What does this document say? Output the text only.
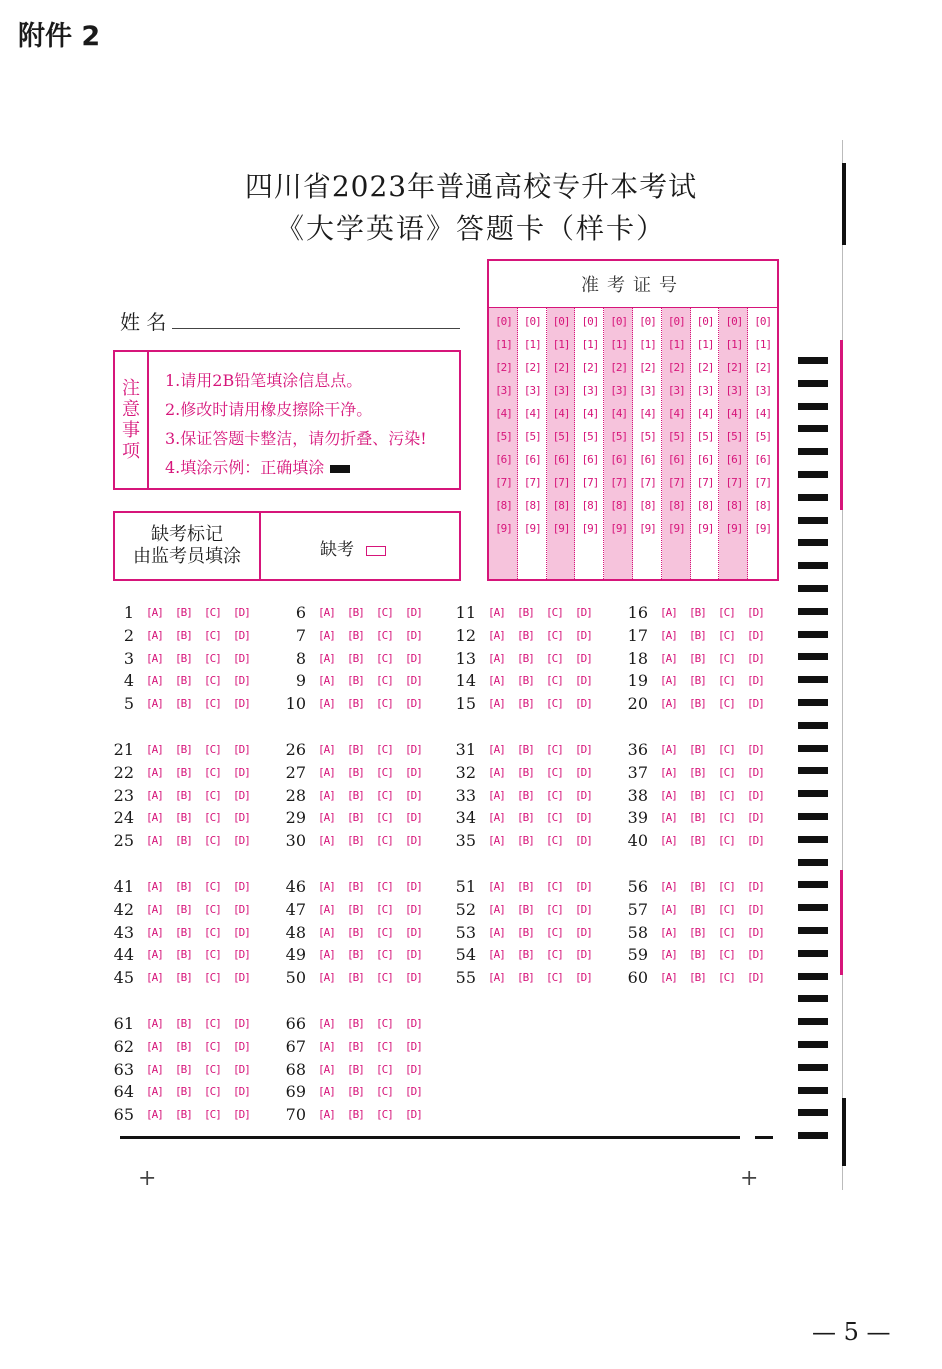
附件 2
四川省2023年普通高校专升本考试
《大学英语》答题卡（样卡）
姓 名
注意事项
1.请用2B铅笔填涂信息点。
2.修改时请用橡皮擦除干净。
3.保证答题卡整洁，请勿折叠、污染!
4.填涂示例：正确填涂
缺考标记
由监考员填涂	缺考
准考证号
[0]
[1]
[2]
[3]
[4]
[5]
[6]
[7]
[8]
[9]
[0]
[1]
[2]
[3]
[4]
[5]
[6]
[7]
[8]
[9]
[0]
[1]
[2]
[3]
[4]
[5]
[6]
[7]
[8]
[9]
[0]
[1]
[2]
[3]
[4]
[5]
[6]
[7]
[8]
[9]
[0]
[1]
[2]
[3]
[4]
[5]
[6]
[7]
[8]
[9]
[0]
[1]
[2]
[3]
[4]
[5]
[6]
[7]
[8]
[9]
[0]
[1]
[2]
[3]
[4]
[5]
[6]
[7]
[8]
[9]
[0]
[1]
[2]
[3]
[4]
[5]
[6]
[7]
[8]
[9]
[0]
[1]
[2]
[3]
[4]
[5]
[6]
[7]
[8]
[9]
[0]
[1]
[2]
[3]
[4]
[5]
[6]
[7]
[8]
[9]
1 [A] [B] [C] [D]
2 [A] [B] [C] [D]
3 [A] [B] [C] [D]
4 [A] [B] [C] [D]
5 [A] [B] [C] [D]
6 [A] [B] [C] [D]
7 [A] [B] [C] [D]
8 [A] [B] [C] [D]
9 [A] [B] [C] [D]
10 [A] [B] [C] [D]
11 [A] [B] [C] [D]
12 [A] [B] [C] [D]
13 [A] [B] [C] [D]
14 [A] [B] [C] [D]
15 [A] [B] [C] [D]
16 [A] [B] [C] [D]
17 [A] [B] [C] [D]
18 [A] [B] [C] [D]
19 [A] [B] [C] [D]
20 [A] [B] [C] [D]
21 [A] [B] [C] [D]
22 [A] [B] [C] [D]
23 [A] [B] [C] [D]
24 [A] [B] [C] [D]
25 [A] [B] [C] [D]
26 [A] [B] [C] [D]
27 [A] [B] [C] [D]
28 [A] [B] [C] [D]
29 [A] [B] [C] [D]
30 [A] [B] [C] [D]
31 [A] [B] [C] [D]
32 [A] [B] [C] [D]
33 [A] [B] [C] [D]
34 [A] [B] [C] [D]
35 [A] [B] [C] [D]
36 [A] [B] [C] [D]
37 [A] [B] [C] [D]
38 [A] [B] [C] [D]
39 [A] [B] [C] [D]
40 [A] [B] [C] [D]
41 [A] [B] [C] [D]
42 [A] [B] [C] [D]
43 [A] [B] [C] [D]
44 [A] [B] [C] [D]
45 [A] [B] [C] [D]
46 [A] [B] [C] [D]
47 [A] [B] [C] [D]
48 [A] [B] [C] [D]
49 [A] [B] [C] [D]
50 [A] [B] [C] [D]
51 [A] [B] [C] [D]
52 [A] [B] [C] [D]
53 [A] [B] [C] [D]
54 [A] [B] [C] [D]
55 [A] [B] [C] [D]
56 [A] [B] [C] [D]
57 [A] [B] [C] [D]
58 [A] [B] [C] [D]
59 [A] [B] [C] [D]
60 [A] [B] [C] [D]
61 [A] [B] [C] [D]
62 [A] [B] [C] [D]
63 [A] [B] [C] [D]
64 [A] [B] [C] [D]
65 [A] [B] [C] [D]
66 [A] [B] [C] [D]
67 [A] [B] [C] [D]
68 [A] [B] [C] [D]
69 [A] [B] [C] [D]
70 [A] [B] [C] [D]
+	+
— 5 —
